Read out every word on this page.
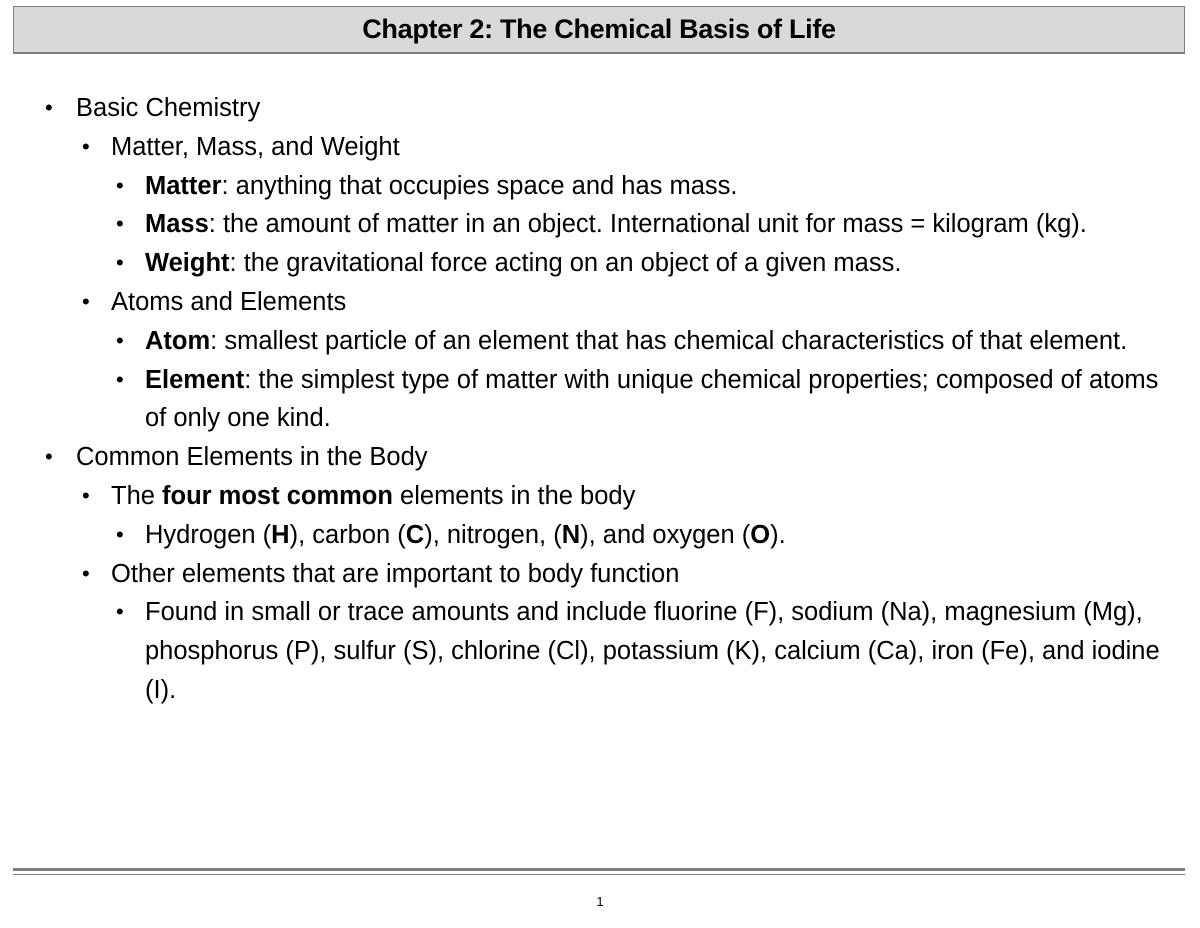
Chapter 2: The Chemical Basis of Life

• Basic Chemistry

• Matter, Mass, and Weight

• Matter: anything that occupies space and has mass.

• Mass: the amount of matter in an object. International unit for mass = kilogram (kg).

• Weight: the gravitational force acting on an object of a given mass.

• Atoms and Elements

• Atom: smallest particle of an element that has chemical characteristics of that element.

• Element: the simplest type of matter with unique chemical properties; composed of atoms of only one kind.

• Common Elements in the Body

• The four most common elements in the body

• Hydrogen (H), carbon (C), nitrogen, (N), and oxygen (O).

• Other elements that are important to body function

• Found in small or trace amounts and include fluorine (F), sodium (Na), magnesium (Mg), phosphorus (P), sulfur (S), chlorine (Cl), potassium (K), calcium (Ca), iron (Fe), and iodine (I).

1
